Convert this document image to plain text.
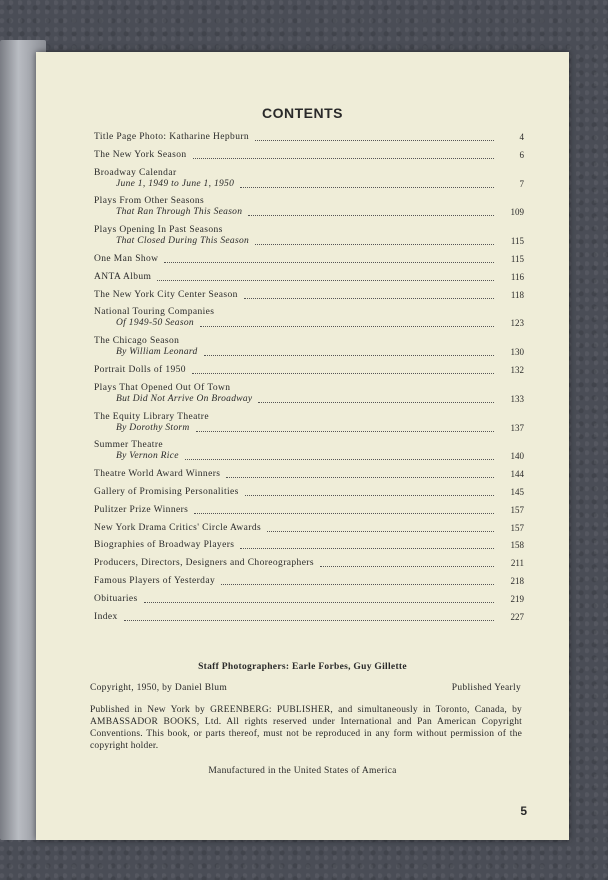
CONTENTS
Title Page Photo: Katharine Hepburn	4
The New York Season	6
Broadway Calendar
June 1, 1949 to June 1, 1950	7
Plays From Other Seasons
That Ran Through This Season	109
Plays Opening In Past Seasons
That Closed During This Season	115
One Man Show	115
ANTA Album	116
The New York City Center Season	118
National Touring Companies
Of 1949-50 Season	123
The Chicago Season
By William Leonard	130
Portrait Dolls of 1950	132
Plays That Opened Out Of Town
But Did Not Arrive On Broadway	133
The Equity Library Theatre
By Dorothy Storm	137
Summer Theatre
By Vernon Rice	140
Theatre World Award Winners	144
Gallery of Promising Personalities	145
Pulitzer Prize Winners	157
New York Drama Critics' Circle Awards	157
Biographies of Broadway Players	158
Producers, Directors, Designers and Choreographers	211
Famous Players of Yesterday	218
Obituaries	219
Index	227
Staff Photographers: Earle Forbes, Guy Gillette
Copyright, 1950, by Daniel Blum	Published Yearly
Published in New York by GREENBERG: PUBLISHER, and simultaneously in Toronto, Canada, by AMBASSADOR BOOKS, Ltd. All rights reserved under International and Pan American Copyright Conventions. This book, or parts thereof, must not be reproduced in any form without permission of the copyright holder.
Manufactured in the United States of America
5
